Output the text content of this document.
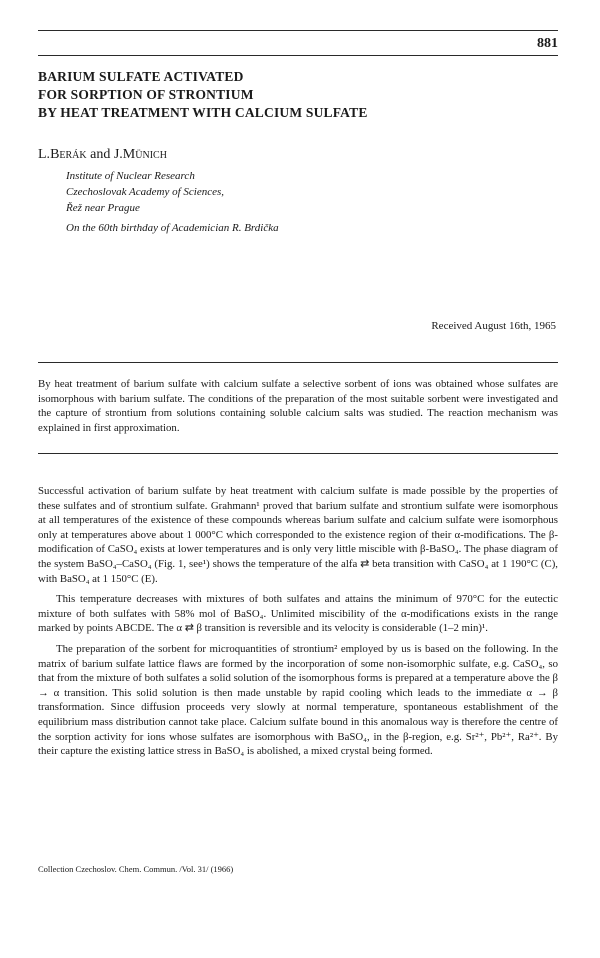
881
BARIUM SULFATE ACTIVATED
FOR SORPTION OF STRONTIUM
BY HEAT TREATMENT WITH CALCIUM SULFATE
L.Berák and J.Münich
Institute of Nuclear Research
Czechoslovak Academy of Sciences,
Řež near Prague
On the 60th birthday of Academician R. Brdička
Received August 16th, 1965
By heat treatment of barium sulfate with calcium sulfate a selective sorbent of ions was obtained whose sulfates are isomorphous with barium sulfate. The conditions of the preparation of the most suitable sorbent were investigated and the capture of strontium from solutions containing soluble calcium salts was studied. The reaction mechanism was explained in first approximation.

Successful activation of barium sulfate by heat treatment with calcium sulfate is made possible by the properties of these sulfates and of strontium sulfate. Grahmann¹ proved that barium sulfate and strontium sulfate were isomorphous at all temperatures of the existence of these compounds whereas barium sulfate and calcium sulfate were isomorphous only at temperatures above about 1 000°C which corresponded to the existence region of their α-modifications. The β-modification of CaSO₄ exists at lower temperatures and is only very little miscible with β-BaSO₄. The phase diagram of the system BaSO₄–CaSO₄ (Fig. 1, see¹) shows the temperature of the alfa ⇄ beta transition with CaSO₄ at 1 190°C (C), with BaSO₄ at 1 150°C (E).

This temperature decreases with mixtures of both sulfates and attains the minimum of 970°C for the eutectic mixture of both sulfates with 58% mol of BaSO₄. Unlimited miscibility of the α-modifications exists in the range marked by points ABCDE. The α ⇄ β transition is reversible and its velocity is considerable (1–2 min)¹.

The preparation of the sorbent for microquantities of strontium² employed by us is based on the following. In the matrix of barium sulfate lattice flaws are formed by the incorporation of some non-isomorphic sulfate, e.g. CaSO₄, so that from the mixture of both sulfates a solid solution of the isomorphous forms is prepared at a temperature above the β → α transition. This solid solution is then made unstable by rapid cooling which leads to the immediate α → β transformation. Since diffusion proceeds very slowly at normal temperature, spontaneous establishment of the equilibrium mass distribution cannot take place. Calcium sulfate bound in this anomalous way is therefore the centre of the sorption activity for ions whose sulfates are isomorphous with BaSO₄, in the β-region, e.g. Sr²⁺, Pb²⁺, Ra²⁺. By their capture the existing lattice stress in BaSO₄ is abolished, a mixed crystal being formed.

Collection Czechoslov. Chem. Commun. /Vol. 31/ (1966)
